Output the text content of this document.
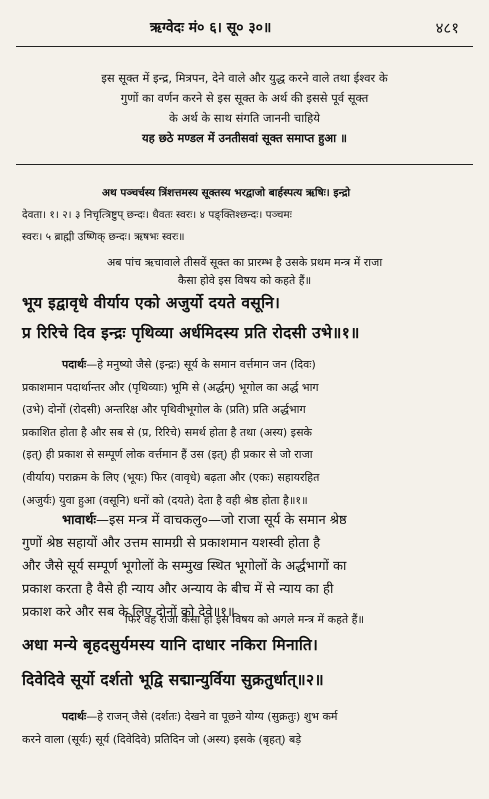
ऋग्वेदः मं० ६। सू० ३०॥	४८१
इस सूक्त में इन्द्र, मित्रपन, देने वाले और युद्ध करने वाले तथा ईश्वर के
गुणों का वर्णन करने से इस सूक्त के अर्थ की इससे पूर्व सूक्त
के अर्थ के साथ संगति जाननी चाहिये
यह छठे मण्डल में उनतीसवां सूक्त समाप्त हुआ ॥
अथ पञ्चर्चस्य त्रिंशत्तमस्य सूक्तस्य भरद्वाजो बार्हस्पत्य ऋषिः। इन्द्रो
देवता। १। २। ३ निचृत्त्रिष्टुप् छन्दः। धैवतः स्वरः। ४ पङ्क्तिश्छन्दः। पञ्चमः
स्वरः। ५ ब्राह्मी उष्णिक् छन्दः। ऋषभः स्वरः॥
अब पांच ऋचावाले तीसवें सूक्त का प्रारम्भ है उसके प्रथम मन्त्र में राजा
कैसा होवे इस विषय को कहते हैं॥
भूय इद्वावृधे वीर्याय एको अजुर्यो दयते वसूनि।
प्र रिरिचे दिव इन्द्रः पृथिव्या अर्धमिदस्य प्रति रोदसी उभे॥१॥
पदार्थः—हे मनुष्यो जैसे (इन्द्रः) सूर्य के समान वर्त्तमान जन (दिवः)
प्रकाशमान पदार्थान्तर और (पृथिव्याः) भूमि से (अर्द्धम्) भूगोल का अर्द्ध भाग
(उभे) दोनों (रोदसी) अन्तरिक्ष और पृथिवीभूगोल के (प्रति) प्रति अर्द्धभाग
प्रकाशित होता है और सब से (प्र, रिरिचे) समर्थ होता है तथा (अस्य) इसके
(इत्) ही प्रकाश से सम्पूर्ण लोक वर्त्तमान हैं उस (इत्) ही प्रकार से जो राजा
(वीर्याय) पराक्रम के लिए (भूयः) फिर (वावृधे) बढ़ता और (एकः) सहायरहित
(अजुर्यः) युवा हुआ (वसूनि) धनों को (दयते) देता है वही श्रेष्ठ होता है॥१॥
भावार्थः—इस मन्त्र में वाचकलु०—जो राजा सूर्य के समान श्रेष्ठ
गुणों श्रेष्ठ सहायों और उत्तम सामग्री से प्रकाशमान यशस्वी होता है
और जैसे सूर्य सम्पूर्ण भूगोलों के सम्मुख स्थित भूगोलों के अर्द्धभागों का
प्रकाश करता है वैसे ही न्याय और अन्याय के बीच में से न्याय का ही
प्रकाश करे और सब के लिए दोनों को देवे॥१॥
फिर वह राजा कैसा हो इस विषय को अगले मन्त्र में कहते हैं॥
अधा मन्ये बृहदसुर्यमस्य यानि दाधार नकिरा मिनाति।
दिवेदिवे सूर्यो दर्शतो भूद्वि सद्मान्युर्विया सुक्रतुर्धात्॥२॥
पदार्थः—हे राजन् जैसे (दर्शतः) देखने वा पूछने योग्य (सुक्रतुः) शुभ कर्म
करने वाला (सूर्यः) सूर्य (दिवेदिवे) प्रतिदिन जो (अस्य) इसके (बृहत्) बड़े
